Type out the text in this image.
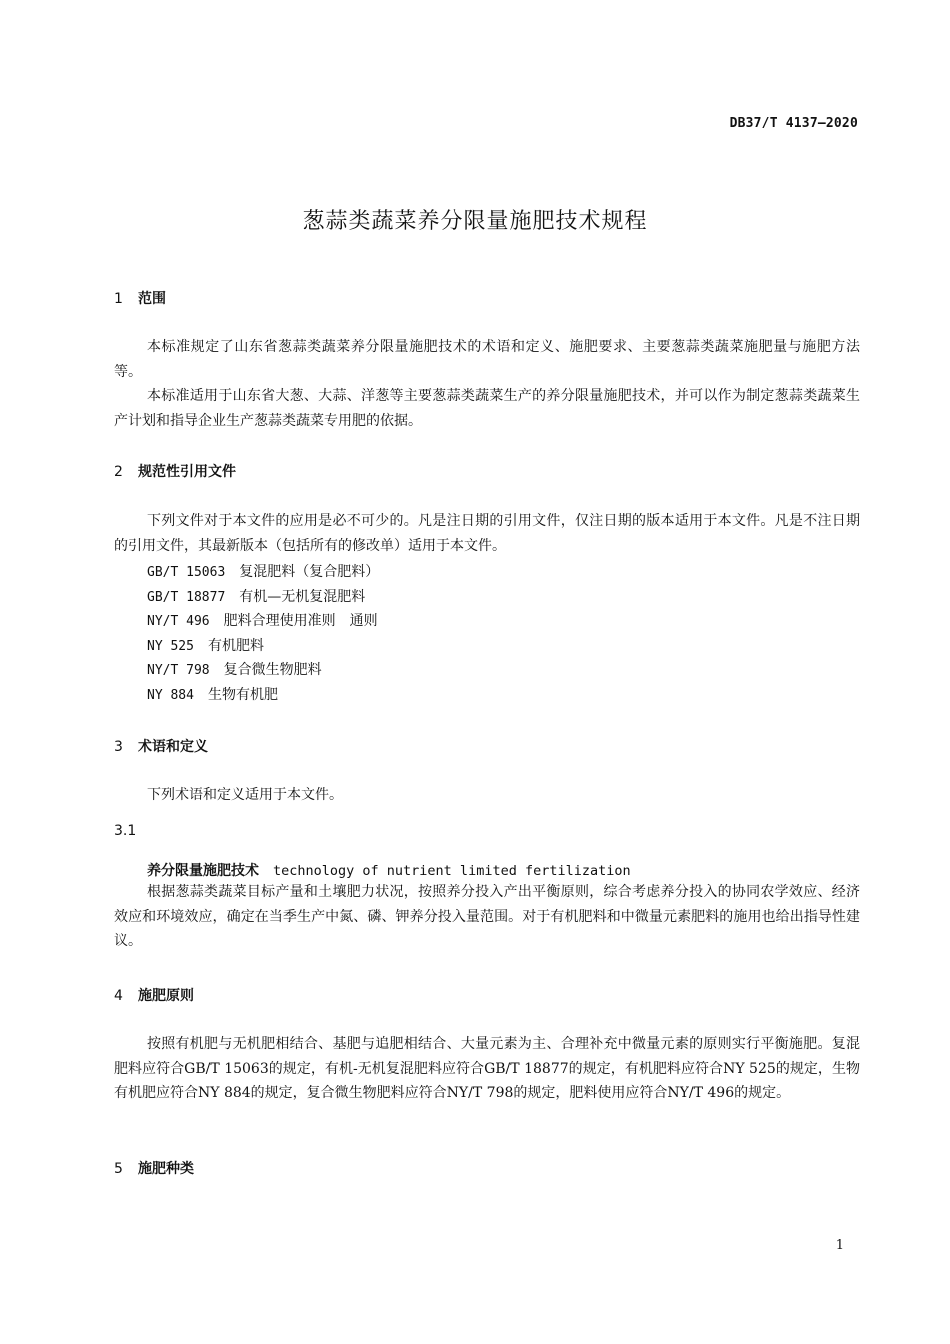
DB37/T 4137—2020
葱蒜类蔬菜养分限量施肥技术规程
1 范围
本标准规定了山东省葱蒜类蔬菜养分限量施肥技术的术语和定义、施肥要求、主要葱蒜类蔬菜施肥量与施肥方法等。
本标准适用于山东省大葱、大蒜、洋葱等主要葱蒜类蔬菜生产的养分限量施肥技术，并可以作为制定葱蒜类蔬菜生产计划和指导企业生产葱蒜类蔬菜专用肥的依据。
2 规范性引用文件
下列文件对于本文件的应用是必不可少的。凡是注日期的引用文件，仅注日期的版本适用于本文件。凡是不注日期的引用文件，其最新版本（包括所有的修改单）适用于本文件。
GB/T 15063 复混肥料（复合肥料）
GB/T 18877 有机—无机复混肥料
NY/T 496 肥料合理使用准则　通则
NY 525 有机肥料
NY/T 798 复合微生物肥料
NY 884 生物有机肥
3 术语和定义
下列术语和定义适用于本文件。
3.1
养分限量施肥技术 technology of nutrient limited fertilization
根据葱蒜类蔬菜目标产量和土壤肥力状况，按照养分投入产出平衡原则，综合考虑养分投入的协同农学效应、经济效应和环境效应，确定在当季生产中氮、磷、钾养分投入量范围。对于有机肥料和中微量元素肥料的施用也给出指导性建议。
4 施肥原则
按照有机肥与无机肥相结合、基肥与追肥相结合、大量元素为主、合理补充中微量元素的原则实行平衡施肥。复混肥料应符合GB/T 15063的规定，有机-无机复混肥料应符合GB/T 18877的规定，有机肥料应符合NY 525的规定，生物有机肥应符合NY 884的规定，复合微生物肥料应符合NY/T 798的规定，肥料使用应符合NY/T 496的规定。
5 施肥种类
1
